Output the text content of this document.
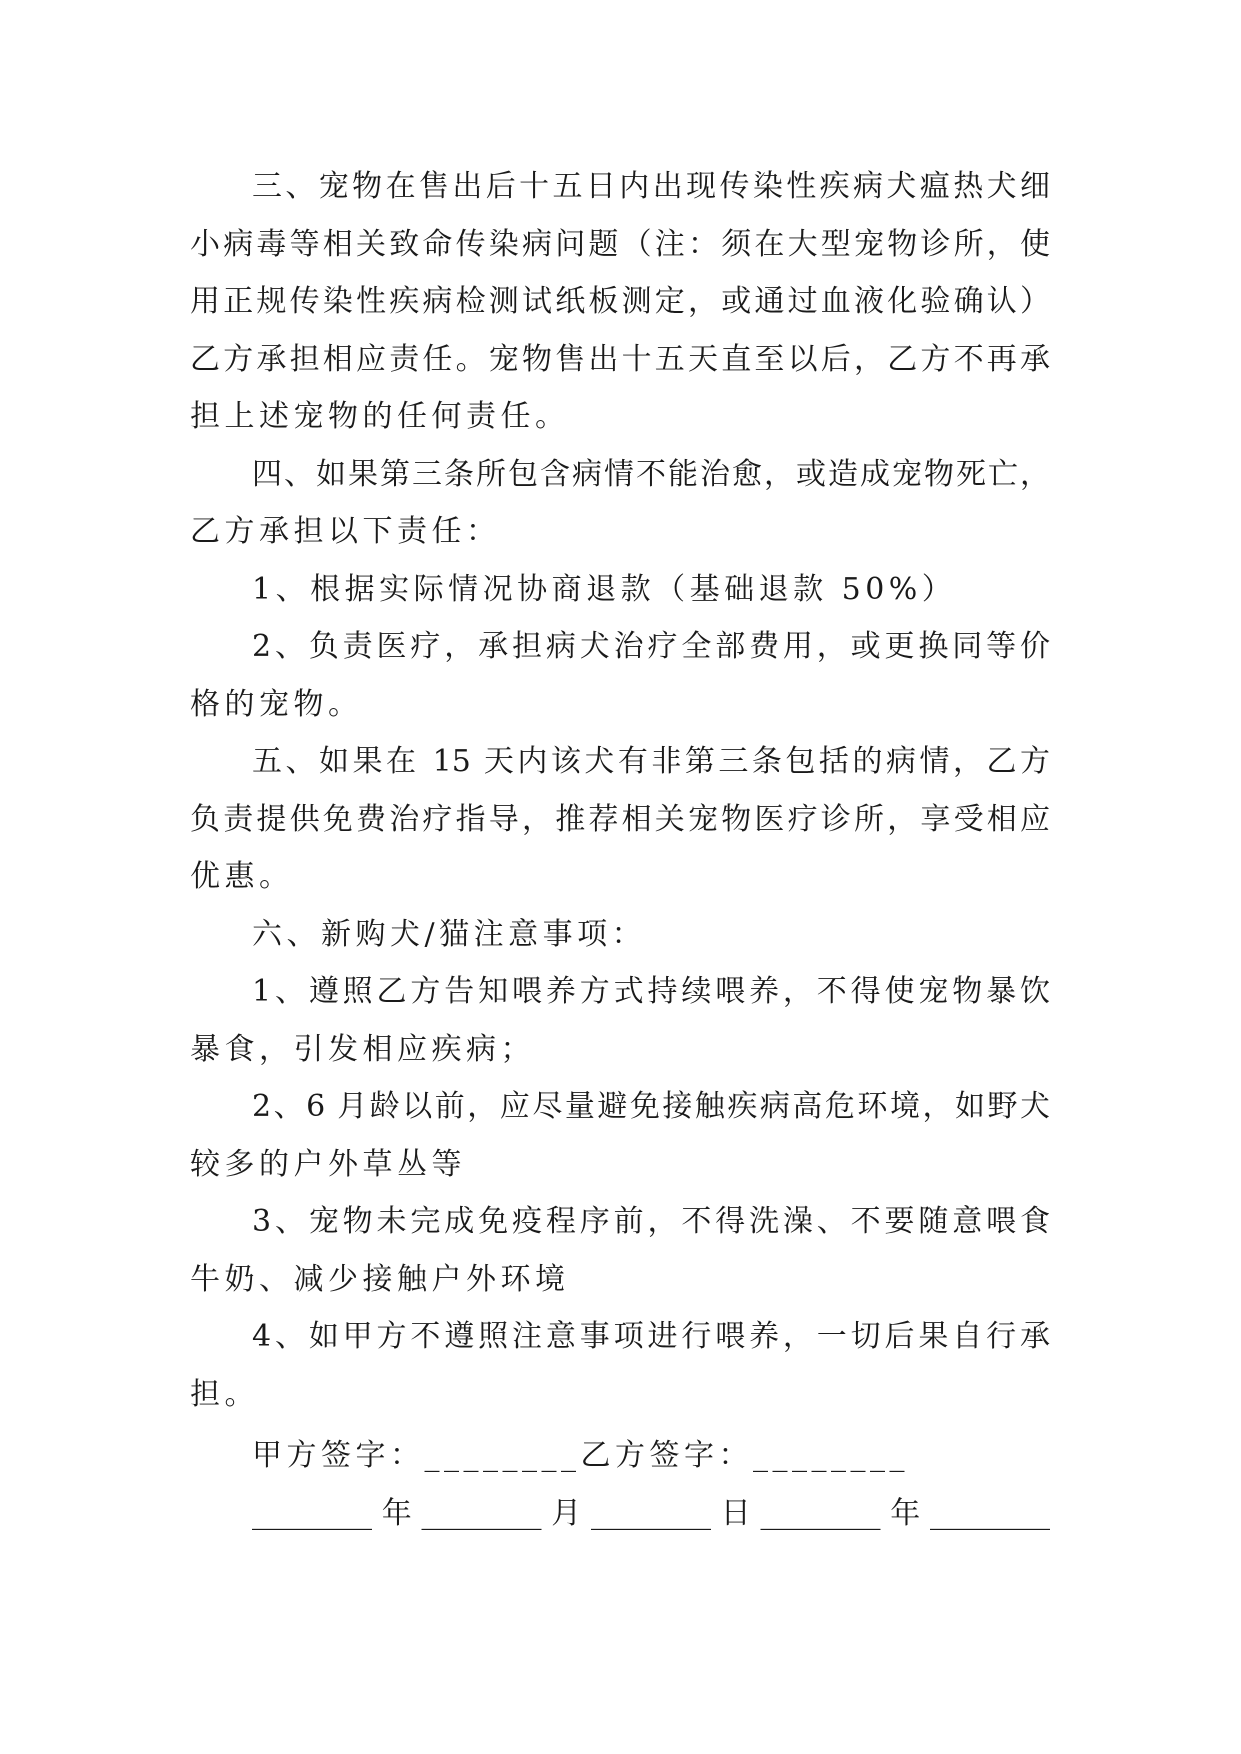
三、宠物在售出后十五日内出现传染性疾病犬瘟热犬细
小病毒等相关致命传染病问题（注：须在大型宠物诊所，使
用正规传染性疾病检测试纸板测定，或通过血液化验确认）
乙方承担相应责任。宠物售出十五天直至以后，乙方不再承
担上述宠物的任何责任。
四、如果第三条所包含病情不能治愈，或造成宠物死亡，
乙方承担以下责任：
1、根据实际情况协商退款（基础退款 50%）
2、负责医疗，承担病犬治疗全部费用，或更换同等价
格的宠物。
五、如果在 15 天内该犬有非第三条包括的病情，乙方
负责提供免费治疗指导，推荐相关宠物医疗诊所，享受相应
优惠。
六、新购犬/猫注意事项：
1、遵照乙方告知喂养方式持续喂养，不得使宠物暴饮
暴食，引发相应疾病；
2、6 月龄以前，应尽量避免接触疾病高危环境，如野犬
较多的户外草丛等
3、宠物未完成免疫程序前，不得洗澡、不要随意喂食
牛奶、减少接触户外环境
4、如甲方不遵照注意事项进行喂养，一切后果自行承
担。
甲方签字：________乙方签字：________
________年________月________日________年________
